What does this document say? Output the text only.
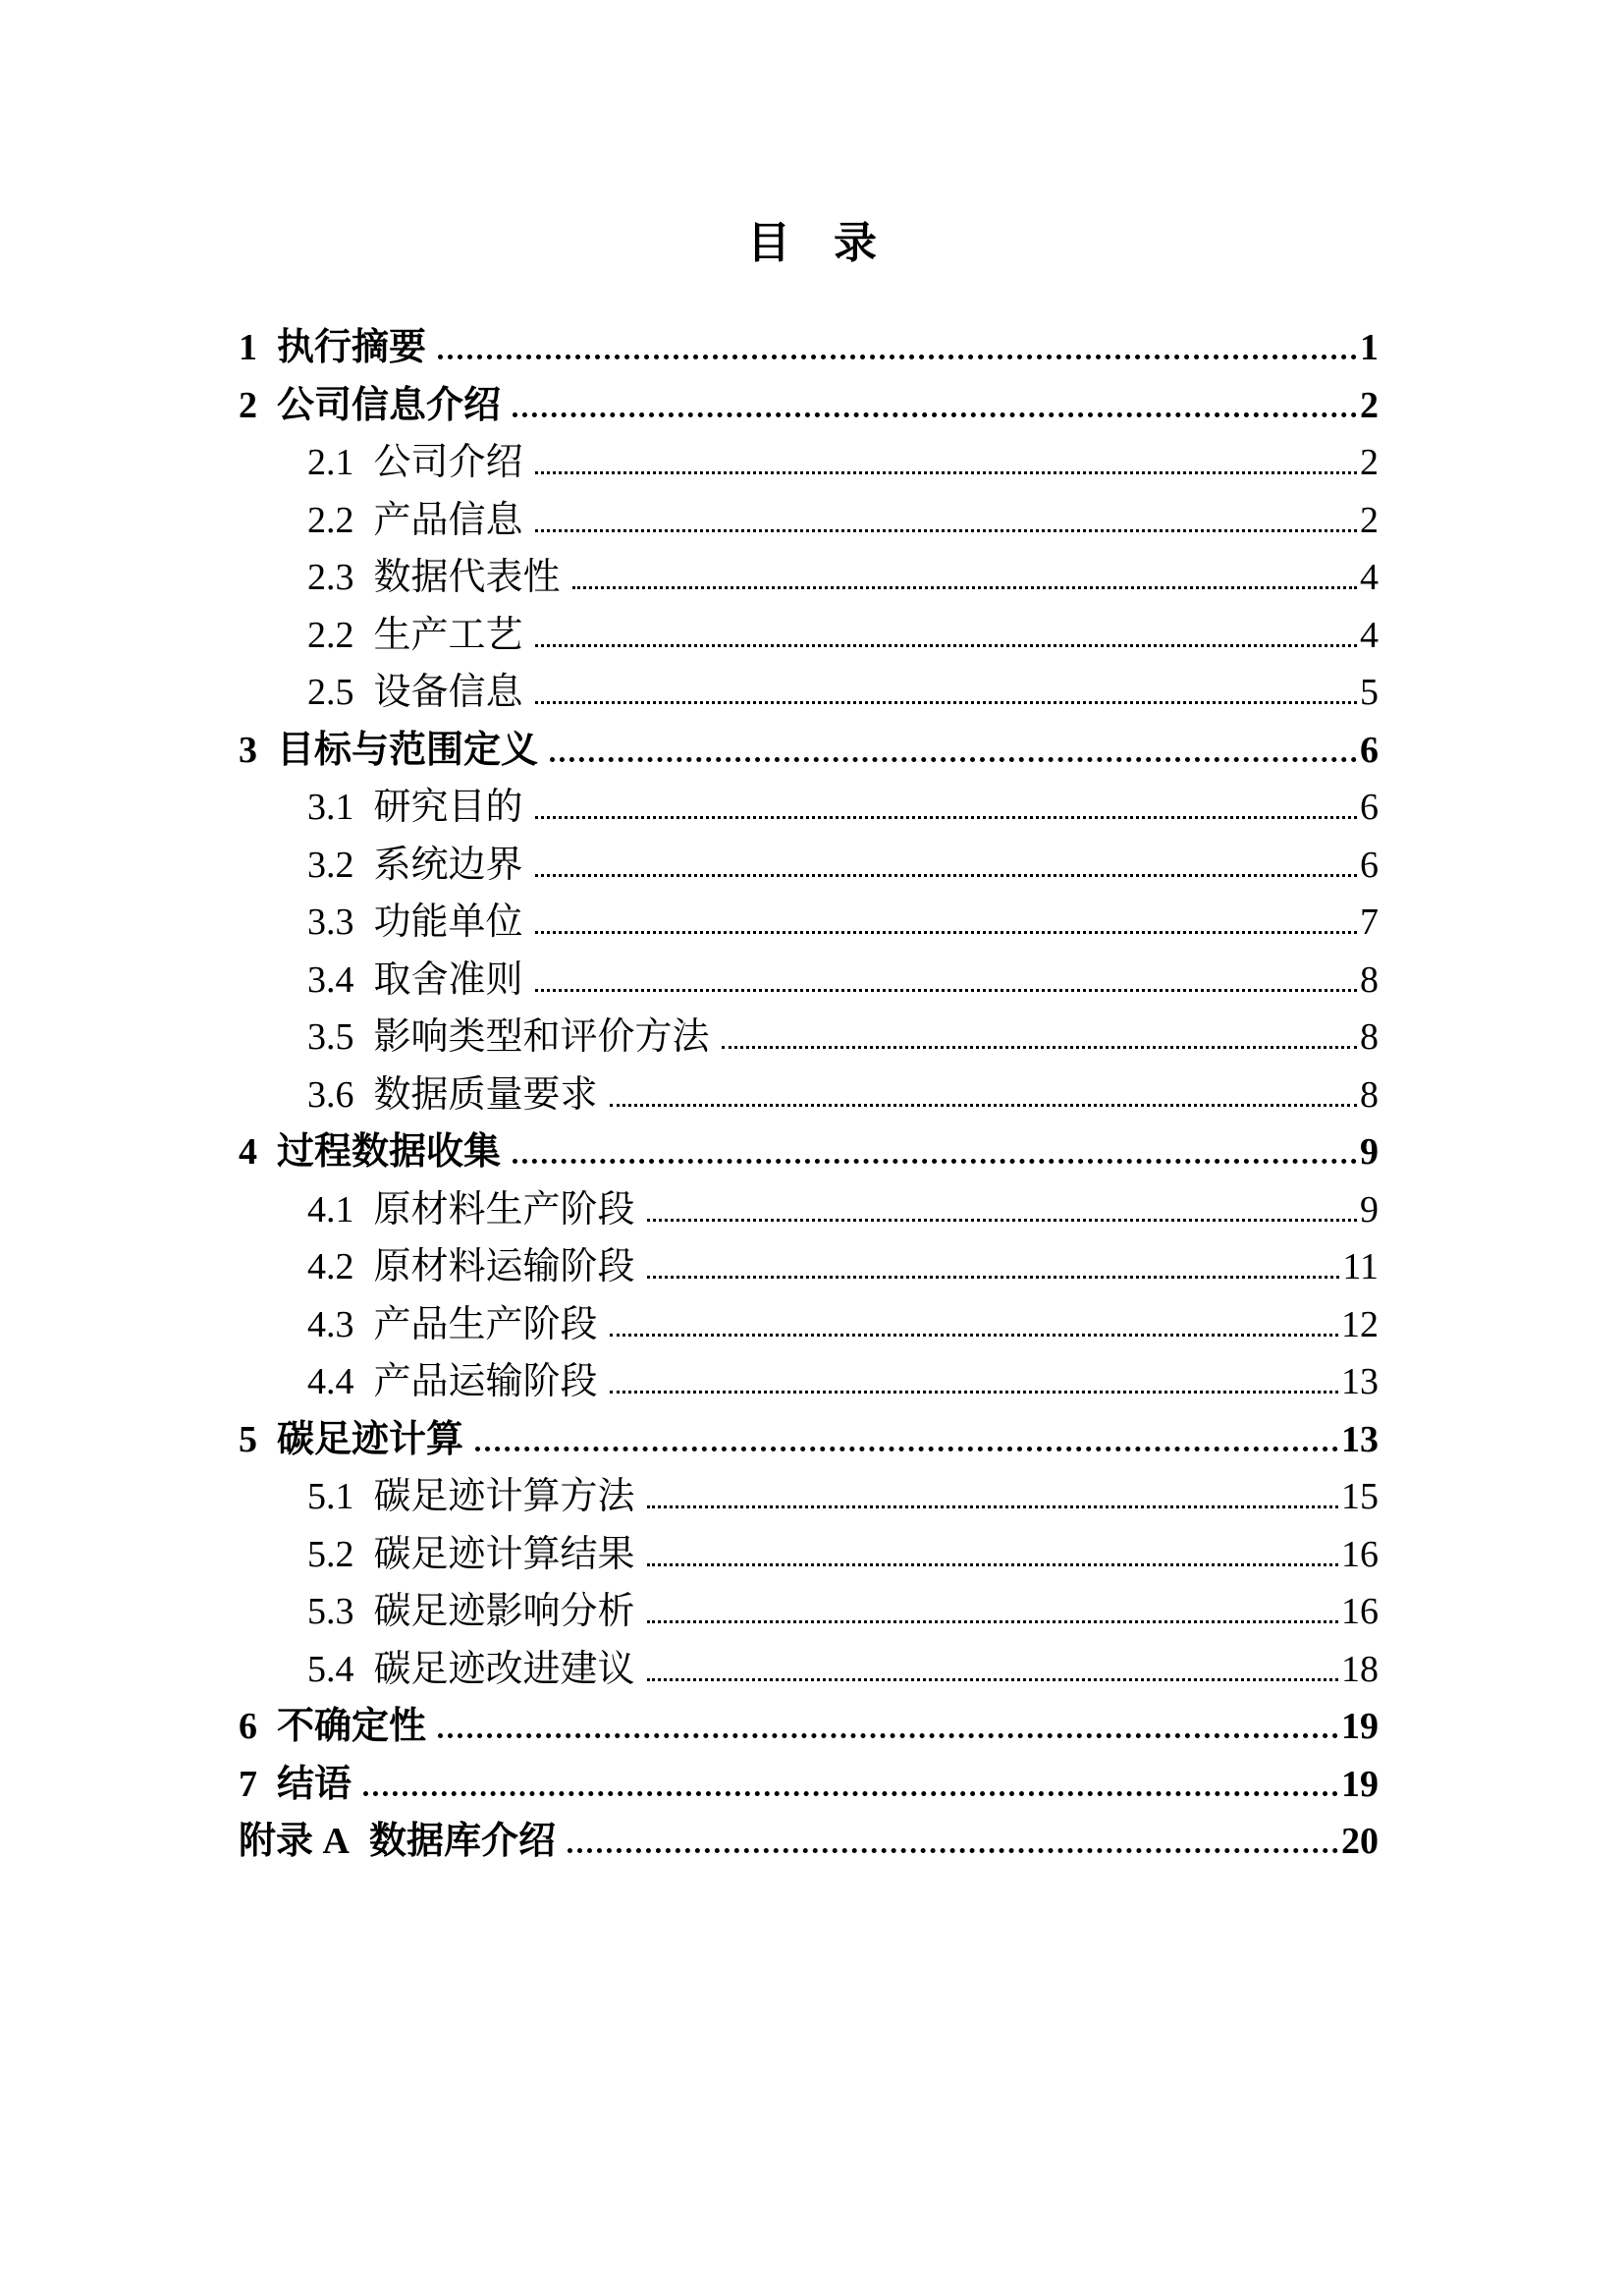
目　录
1 执行摘要	1
2 公司信息介绍	2
2.1 公司介绍	2
2.2 产品信息	2
2.3 数据代表性	4
2.2 生产工艺	4
2.5 设备信息	5
3 目标与范围定义	6
3.1 研究目的	6
3.2 系统边界	6
3.3 功能单位	7
3.4 取舍准则	8
3.5 影响类型和评价方法	8
3.6 数据质量要求	8
4 过程数据收集	9
4.1 原材料生产阶段	9
4.2 原材料运输阶段	11
4.3 产品生产阶段	12
4.4 产品运输阶段	13
5 碳足迹计算	13
5.1 碳足迹计算方法	15
5.2 碳足迹计算结果	16
5.3 碳足迹影响分析	16
5.4 碳足迹改进建议	18
6 不确定性	19
7 结语	19
附录 A 数据库介绍	20
